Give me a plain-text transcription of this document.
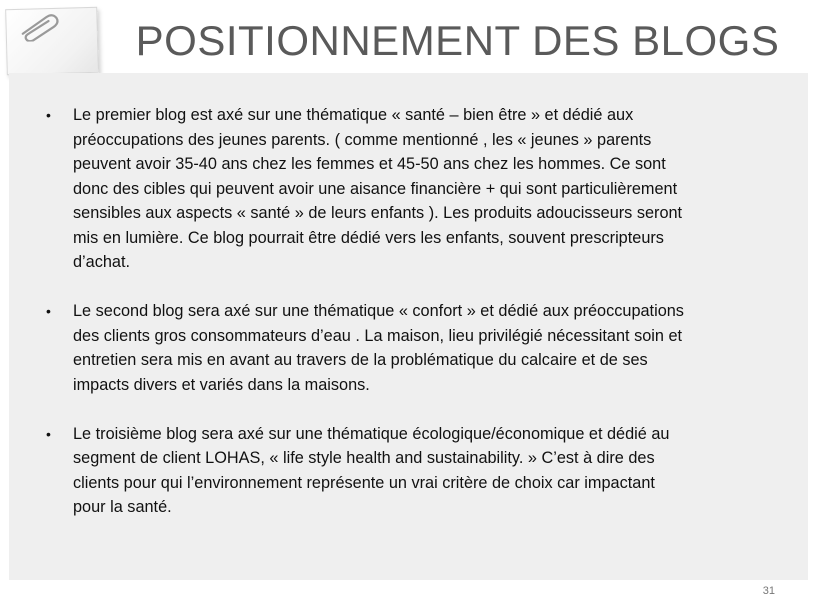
POSITIONNEMENT DES BLOGS
• Le premier blog est axé sur une thématique « santé – bien être » et dédié aux
préoccupations des jeunes parents. ( comme mentionné , les « jeunes » parents
peuvent avoir 35-40 ans chez les femmes et 45-50 ans chez les hommes. Ce sont
donc des cibles qui peuvent avoir une aisance financière + qui sont particulièrement
sensibles aux aspects « santé » de leurs enfants ). Les produits adoucisseurs seront
mis en lumière. Ce blog pourrait être dédié vers les enfants, souvent prescripteurs
d’achat.
• Le second blog sera axé sur une thématique « confort » et dédié aux préoccupations
des clients gros consommateurs d’eau . La maison, lieu privilégié nécessitant soin et
entretien sera mis en avant au travers de la problématique du calcaire et de ses
impacts divers et variés dans la maisons.
• Le troisième blog sera axé sur une thématique écologique/économique et dédié au
segment de client LOHAS, « life style health and sustainability. » C’est à dire des
clients pour qui l’environnement représente un vrai critère de choix car impactant
pour la santé.
31
